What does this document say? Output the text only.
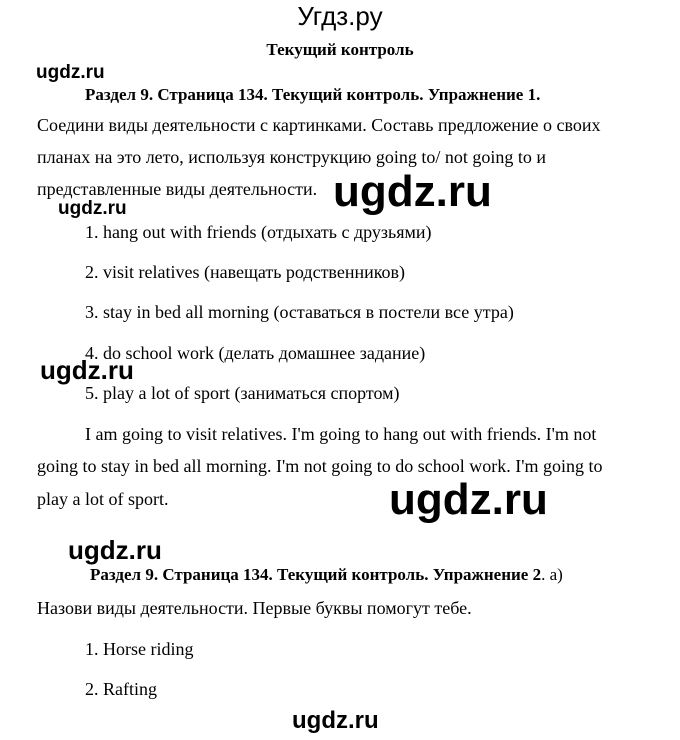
Угдз.ру
Текущий контроль
ugdz.ru
Раздел 9. Страница 134. Текущий контроль. Упражнение 1.
Соедини виды деятельности с картинками. Составь предложение о своих
планах на это лето, используя конструкцию going to/ not going to и
представленные виды деятельности. ugdz.ru
ugdz.ru
1. hang out with friends (отдыхать с друзьями)
2. visit relatives (навещать родственников)
3. stay in bed all morning (оставаться в постели все утра)
4. do school work (делать домашнее задание)
ugdz.ru
5. play a lot of sport (заниматься спортом)
I am going to visit relatives. I'm going to hang out with friends. I'm not
going to stay in bed all morning. I'm not going to do school work. I'm going to
play a lot of sport.	ugdz.ru
ugdz.ru
Раздел 9. Страница 134. Текущий контроль. Упражнение 2. а)
Назови виды деятельности. Первые буквы помогут тебе.
1. Horse riding
2. Rafting
ugdz.ru
